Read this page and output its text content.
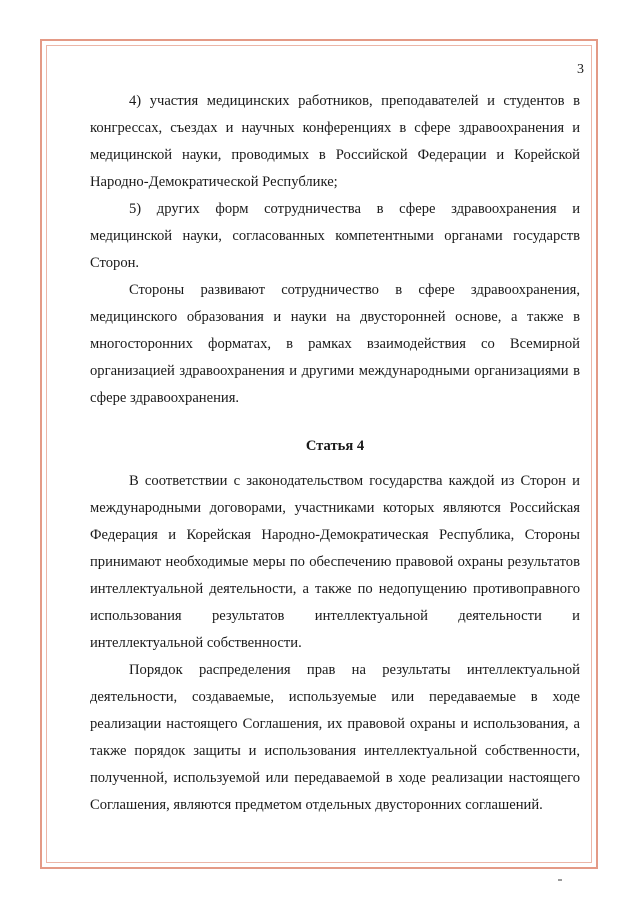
3

4) участия медицинских работников, преподавателей и студентов в конгрессах, съездах и научных конференциях в сфере здравоохранения и медицинской науки, проводимых в Российской Федерации и Корейской Народно-Демократической Республике;

5) других форм сотрудничества в сфере здравоохранения и медицинской науки, согласованных компетентными органами государств Сторон.

Стороны развивают сотрудничество в сфере здравоохранения, медицинского образования и науки на двусторонней основе, а также в многосторонних форматах, в рамках взаимодействия со Всемирной организацией здравоохранения и другими международными организациями в сфере здравоохранения.

Статья 4

В соответствии с законодательством государства каждой из Сторон и международными договорами, участниками которых являются Российская Федерация и Корейская Народно-Демократическая Республика, Стороны принимают необходимые меры по обеспечению правовой охраны результатов интеллектуальной деятельности, а также по недопущению противоправного использования результатов интеллектуальной деятельности и интеллектуальной собственности.

Порядок распределения прав на результаты интеллектуальной деятельности, создаваемые, используемые или передаваемые в ходе реализации настоящего Соглашения, их правовой охраны и использования, а также порядок защиты и использования интеллектуальной собственности, полученной, используемой или передаваемой в ходе реализации настоящего Соглашения, являются предметом отдельных двусторонних соглашений.
